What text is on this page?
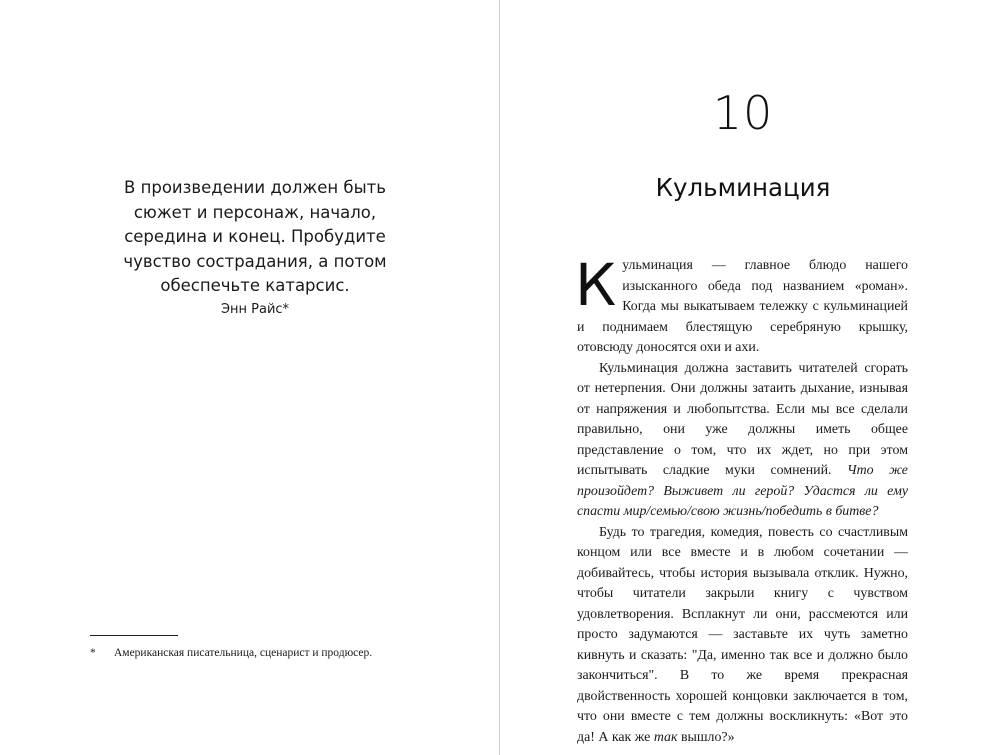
В произведении должен быть
сюжет и персонаж, начало,
середина и конец. Пробудите
чувство сострадания, а потом
обеспечьте катарсис.
Энн Райс*
* Американская писательница, сценарист и продюсер.
10
Кульминация

Кульминация — главное блюдо нашего изысканного обеда под названием «роман». Когда мы выкатываем тележку с кульминацией и поднимаем блестящую серебряную крышку, отовсюду доносятся охи и ахи.

Кульминация должна заставить читателей сгорать от нетерпения. Они должны затаить дыхание, изнывая от напряжения и любопытства. Если мы все сделали правильно, они уже должны иметь общее представление о том, что их ждет, но при этом испытывать сладкие муки сомнений. Что же произойдет? Выживет ли герой? Удастся ли ему спасти мир/семью/свою жизнь/победить в битве?

Будь то трагедия, комедия, повесть со счастливым концом или все вместе и в любом сочетании — добивайтесь, чтобы история вызывала отклик. Нужно, чтобы читатели закрыли книгу с чувством удовлетворения. Всплакнут ли они, рассмеются или просто задумаются — заставьте их чуть заметно кивнуть и сказать: "Да, именно так все и должно было закончиться". В то же время прекрасная двойственность хорошей концовки заключается в том, что они вместе с тем должны воскликнуть: «Вот это да! А как же так вышло?»
